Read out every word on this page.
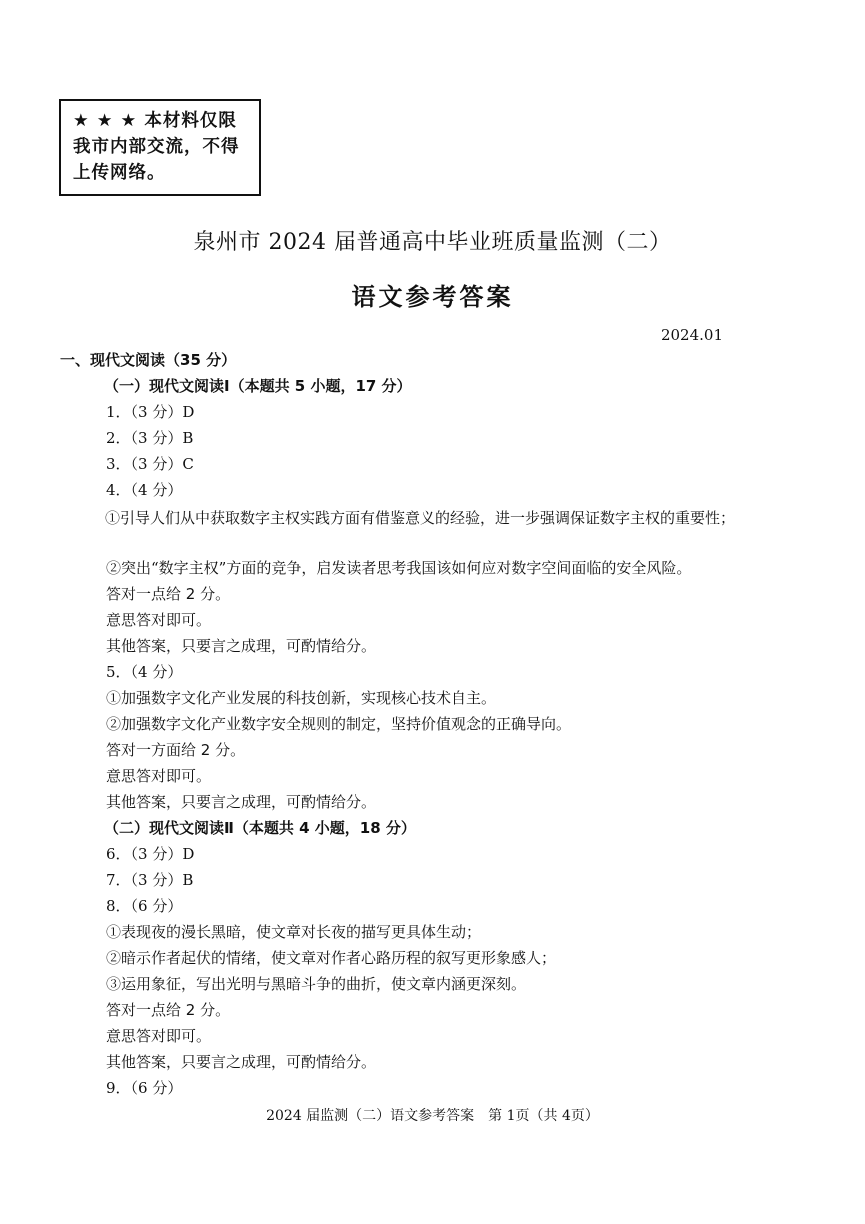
★ ★ ★ 本材料仅限
我市内部交流，不得
上传网络。
泉州市 2024 届普通高中毕业班质量监测（二）
语文参考答案
2024.01
一、现代文阅读（35 分）
（一）现代文阅读Ⅰ（本题共 5 小题，17 分）
1．（3 分）D
2．（3 分）B
3．（3 分）C
4．（4 分）
①引导人们从中获取数字主权实践方面有借鉴意义的经验，进一步强调保证数字主权的重要性；
②突出“数字主权”方面的竞争，启发读者思考我国该如何应对数字空间面临的安全风险。
答对一点给 2 分。
意思答对即可。
其他答案，只要言之成理，可酌情给分。
5．（4 分）
①加强数字文化产业发展的科技创新，实现核心技术自主。
②加强数字文化产业数字安全规则的制定，坚持价值观念的正确导向。
答对一方面给 2 分。
意思答对即可。
其他答案，只要言之成理，可酌情给分。
（二）现代文阅读Ⅱ（本题共 4 小题，18 分）
6．（3 分）D
7．（3 分）B
8．（6 分）
①表现夜的漫长黑暗，使文章对长夜的描写更具体生动；
②暗示作者起伏的情绪，使文章对作者心路历程的叙写更形象感人；
③运用象征，写出光明与黑暗斗争的曲折，使文章内涵更深刻。
答对一点给 2 分。
意思答对即可。
其他答案，只要言之成理，可酌情给分。
9．（6 分）
2024 届监测（二）语文参考答案　第 1页（共 4页）
